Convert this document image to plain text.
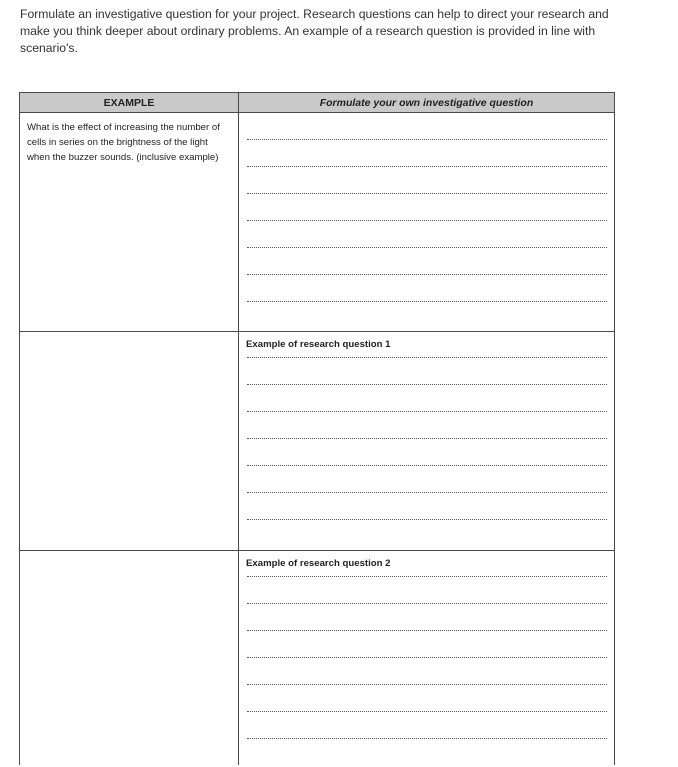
Formulate an investigative question for your project. Research questions can help to direct your research and make you think deeper about ordinary problems. An example of a research question is provided in line with scenario's.
EXAMPLE	Formulate your own investigative question

What is the effect of increasing the number of cells in series on the brightness of the light when the buzzer sounds. (inclusive example)	

	Example of research question 1

	Example of research question 2
